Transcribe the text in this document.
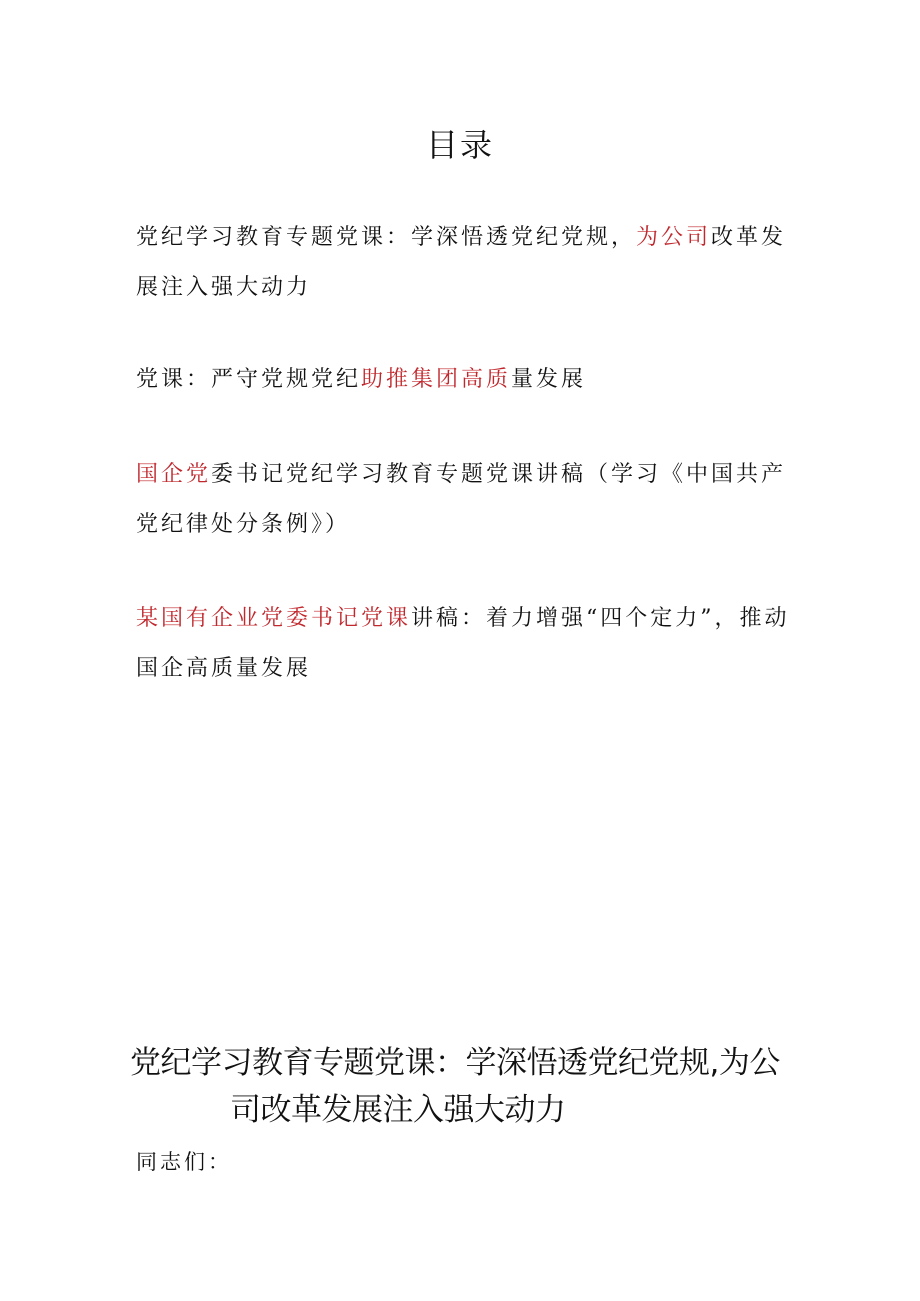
目录
党纪学习教育专题党课：学深悟透党纪党规，为公司改革发展注入强大动力
党课：严守党规党纪助推集团高质量发展
国企党委书记党纪学习教育专题党课讲稿（学习《中国共产党纪律处分条例》）
某国有企业党委书记党课讲稿：着力增强“四个定力”，推动国企高质量发展
党纪学习教育专题党课：学深悟透党纪党规,为公
司改革发展注入强大动力
同志们：
